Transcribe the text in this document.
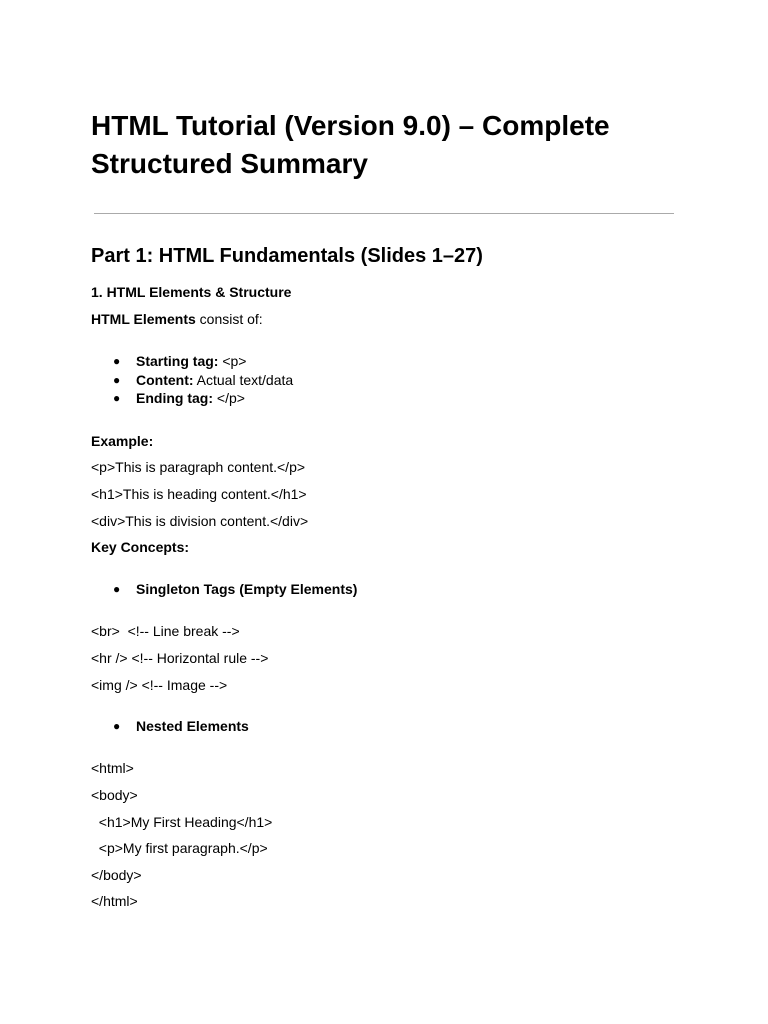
HTML Tutorial (Version 9.0) – Complete Structured Summary
Part 1: HTML Fundamentals (Slides 1–27)
1. HTML Elements & Structure
HTML Elements consist of:
● Starting tag: <p>
● Content: Actual text/data
● Ending tag: </p>
Example:
<p>This is paragraph content.</p>
<h1>This is heading content.</h1>
<div>This is division content.</div>
Key Concepts:
● Singleton Tags (Empty Elements)
<br>  <!-- Line break -->
<hr /> <!-- Horizontal rule -->
<img /> <!-- Image -->
● Nested Elements
<html>
<body>
<h1>My First Heading</h1>
<p>My first paragraph.</p>
</body>
</html>
